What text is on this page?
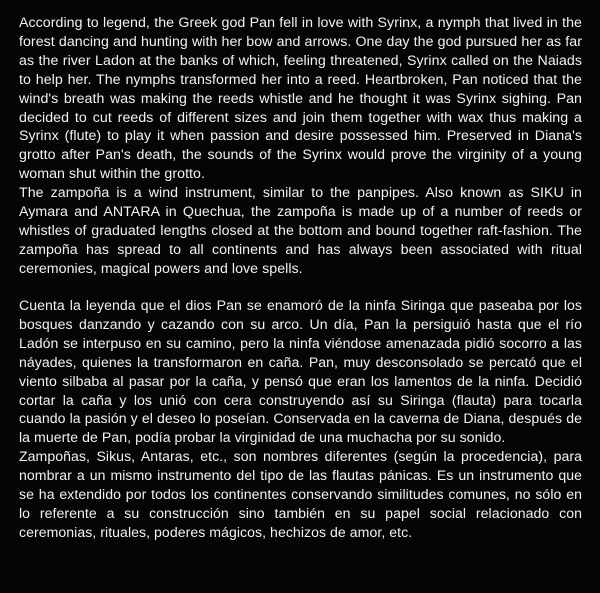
According to legend, the Greek god Pan fell in love with Syrinx, a nymph that lived in the forest dancing and hunting with her bow and arrows. One day the god pursued her as far as the river Ladon at the banks of which, feeling threatened, Syrinx called on the Naiads to help her. The nymphs transformed her into a reed. Heartbroken, Pan noticed that the wind's breath was making the reeds whistle and he thought it was Syrinx sighing. Pan decided to cut reeds of different sizes and join them together with wax thus making a Syrinx (flute) to play it when passion and desire possessed him. Preserved in Diana's grotto after Pan's death, the sounds of the Syrinx would prove the virginity of a young woman shut within the grotto.

The zampoña is a wind instrument, similar to the panpipes. Also known as SIKU in Aymara and ANTARA in Quechua, the zampoña is made up of a number of reeds or whistles of graduated lengths closed at the bottom and bound together raft-fashion. The zampoña has spread to all continents and has always been associated with ritual ceremonies, magical powers and love spells.

Cuenta la leyenda que el dios Pan se enamoró de la ninfa Siringa que paseaba por los bosques danzando y cazando con su arco. Un día, Pan la persiguió hasta que el río Ladón se interpuso en su camino, pero la ninfa viéndose amenazada pidió socorro a las náyades, quienes la transformaron en caña. Pan, muy desconsolado se percató que el viento silbaba al pasar por la caña, y pensó que eran los lamentos de la ninfa. Decidió cortar la caña y los unió con cera construyendo así su Siringa (flauta) para tocarla cuando la pasión y el deseo lo poseían. Conservada en la caverna de Diana, después de la muerte de Pan, podía probar la virginidad de una muchacha por su sonido.

Zampoñas, Sikus, Antaras, etc., son nombres diferentes (según la procedencia), para nombrar a un mismo instrumento del tipo de las flautas pánicas. Es un instrumento que se ha extendido por todos los continentes conservando similitudes comunes, no sólo en lo referente a su construcción sino también en su papel social relacionado con ceremonias, rituales, poderes mágicos, hechizos de amor, etc.
